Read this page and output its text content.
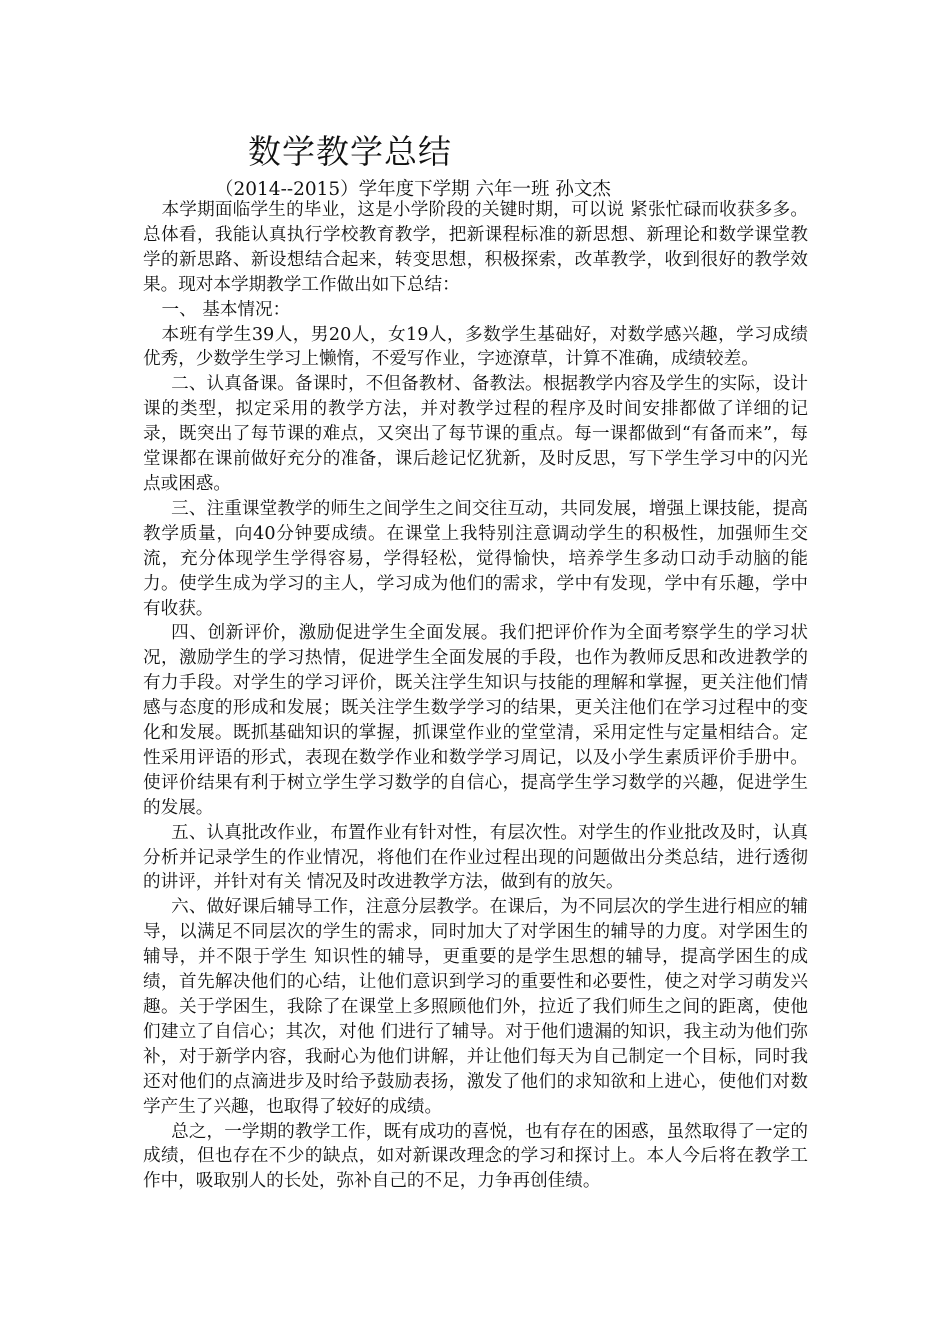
数学教学总结
（2014--2015）学年度下学期 六年一班 孙文杰

本学期面临学生的毕业，这是小学阶段的关键时期，可以说 紧张忙碌而收获多多。总体看，我能认真执行学校教育教学，把新课程标准的新思想、新理论和数学课堂教学的新思路、新设想结合起来，转变思想，积极探索，改革教学，收到很好的教学效果。现对本学期教学工作做出如下总结：

一、 基本情况：

本班有学生39人，男20人，女19人，多数学生基础好，对数学感兴趣，学习成绩优秀，少数学生学习上懒惰，不爱写作业，字迹潦草，计算不准确，成绩较差。

二、认真备课。备课时，不但备教材、备教法。根据教学内容及学生的实际，设计课的类型，拟定采用的教学方法，并对教学过程的程序及时间安排都做了详细的记录，既突出了每节课的难点，又突出了每节课的重点。每一课都做到“有备而来”，每堂课都在课前做好充分的准备，课后趁记忆犹新，及时反思，写下学生学习中的闪光点或困惑。

三、注重课堂教学的师生之间学生之间交往互动，共同发展，增强上课技能，提高教学质量，向40分钟要成绩。在课堂上我特别注意调动学生的积极性，加强师生交流，充分体现学生学得容易，学得轻松，觉得愉快，培养学生多动口动手动脑的能力。使学生成为学习的主人，学习成为他们的需求，学中有发现，学中有乐趣，学中有收获。

四、创新评价，激励促进学生全面发展。我们把评价作为全面考察学生的学习状况，激励学生的学习热情，促进学生全面发展的手段，也作为教师反思和改进教学的有力手段。对学生的学习评价，既关注学生知识与技能的理解和掌握，更关注他们情感与态度的形成和发展；既关注学生数学学习的结果，更关注他们在学习过程中的变化和发展。既抓基础知识的掌握，抓课堂作业的堂堂清，采用定性与定量相结合。定性采用评语的形式，表现在数学作业和数学学习周记，以及小学生素质评价手册中。使评价结果有利于树立学生学习数学的自信心，提高学生学习数学的兴趣，促进学生的发展。

五、认真批改作业，布置作业有针对性，有层次性。对学生的作业批改及时，认真分析并记录学生的作业情况，将他们在作业过程出现的问题做出分类总结，进行透彻的讲评，并针对有关 情况及时改进教学方法，做到有的放矢。

六、做好课后辅导工作，注意分层教学。在课后，为不同层次的学生进行相应的辅导，以满足不同层次的学生的需求，同时加大了对学困生的辅导的力度。对学困生的辅导，并不限于学生 知识性的辅导，更重要的是学生思想的辅导，提高学困生的成绩，首先解决他们的心结，让他们意识到学习的重要性和必要性，使之对学习萌发兴趣。关于学困生，我除了在课堂上多照顾他们外，拉近了我们师生之间的距离，使他们建立了自信心；其次，对他 们进行了辅导。对于他们遗漏的知识，我主动为他们弥补，对于新学内容，我耐心为他们讲解，并让他们每天为自己制定一个目标，同时我还对他们的点滴进步及时给予鼓励表扬，激发了他们的求知欲和上进心，使他们对数学产生了兴趣，也取得了较好的成绩。

总之，一学期的教学工作，既有成功的喜悦，也有存在的困惑，虽然取得了一定的成绩，但也存在不少的缺点，如对新课改理念的学习和探讨上。本人今后将在教学工作中，吸取别人的长处，弥补自己的不足，力争再创佳绩。
